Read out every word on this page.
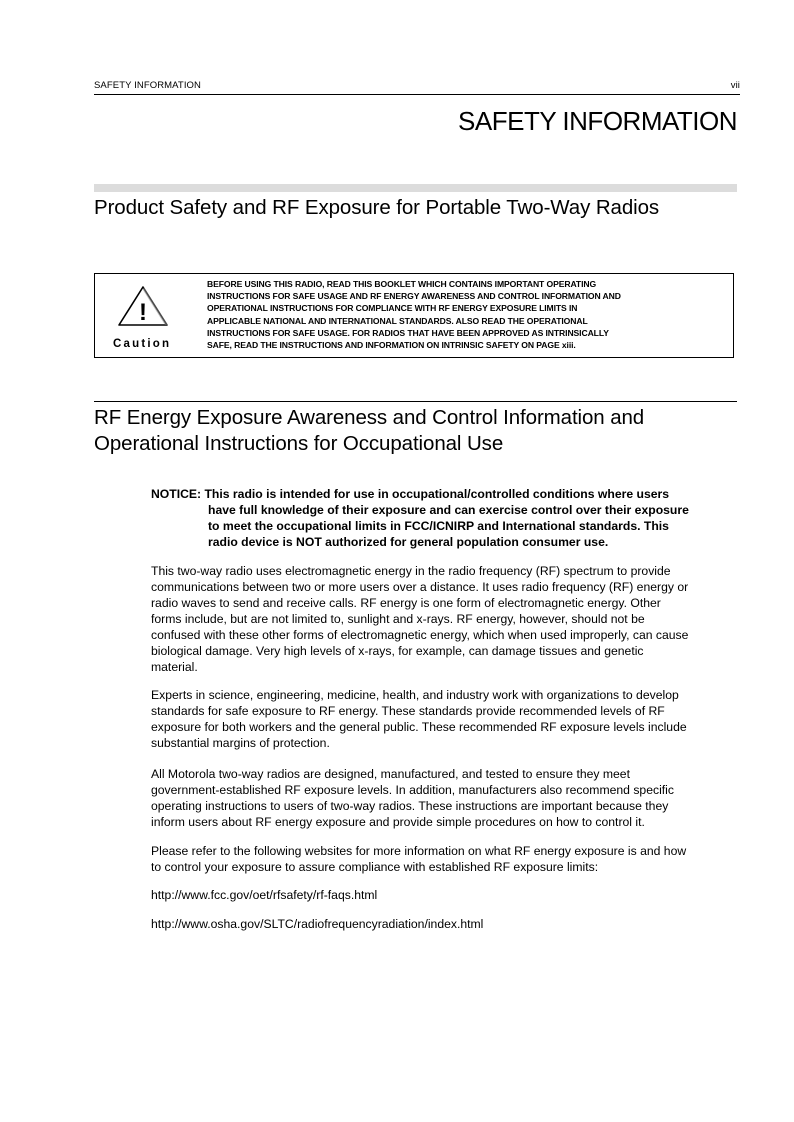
SAFETY INFORMATION	vii
SAFETY INFORMATION
Product Safety and RF Exposure for Portable Two-Way Radios
!
Caution
BEFORE USING THIS RADIO, READ THIS BOOKLET WHICH CONTAINS IMPORTANT OPERATING
INSTRUCTIONS FOR SAFE USAGE AND RF ENERGY AWARENESS AND CONTROL INFORMATION AND
OPERATIONAL INSTRUCTIONS FOR COMPLIANCE WITH RF ENERGY EXPOSURE LIMITS IN
APPLICABLE NATIONAL AND INTERNATIONAL STANDARDS. ALSO READ THE OPERATIONAL
INSTRUCTIONS FOR SAFE USAGE. FOR RADIOS THAT HAVE BEEN APPROVED AS INTRINSICALLY
SAFE, READ THE INSTRUCTIONS AND INFORMATION ON INTRINSIC SAFETY ON PAGE xiii.
RF Energy Exposure Awareness and Control Information and
Operational Instructions for Occupational Use
NOTICE: This radio is intended for use in occupational/controlled conditions where users
have full knowledge of their exposure and can exercise control over their exposure
to meet the occupational limits in FCC/ICNIRP and International standards. This
radio device is NOT authorized for general population consumer use.
This two-way radio uses electromagnetic energy in the radio frequency (RF) spectrum to provide
communications between two or more users over a distance. It uses radio frequency (RF) energy or
radio waves to send and receive calls. RF energy is one form of electromagnetic energy. Other
forms include, but are not limited to, sunlight and x-rays. RF energy, however, should not be
confused with these other forms of electromagnetic energy, which when used improperly, can cause
biological damage. Very high levels of x-rays, for example, can damage tissues and genetic
material.
Experts in science, engineering, medicine, health, and industry work with organizations to develop
standards for safe exposure to RF energy. These standards provide recommended levels of RF
exposure for both workers and the general public. These recommended RF exposure levels include
substantial margins of protection.
All Motorola two-way radios are designed, manufactured, and tested to ensure they meet
government-established RF exposure levels. In addition, manufacturers also recommend specific
operating instructions to users of two-way radios. These instructions are important because they
inform users about RF energy exposure and provide simple procedures on how to control it.
Please refer to the following websites for more information on what RF energy exposure is and how
to control your exposure to assure compliance with established RF exposure limits:
http://www.fcc.gov/oet/rfsafety/rf-faqs.html
http://www.osha.gov/SLTC/radiofrequencyradiation/index.html
